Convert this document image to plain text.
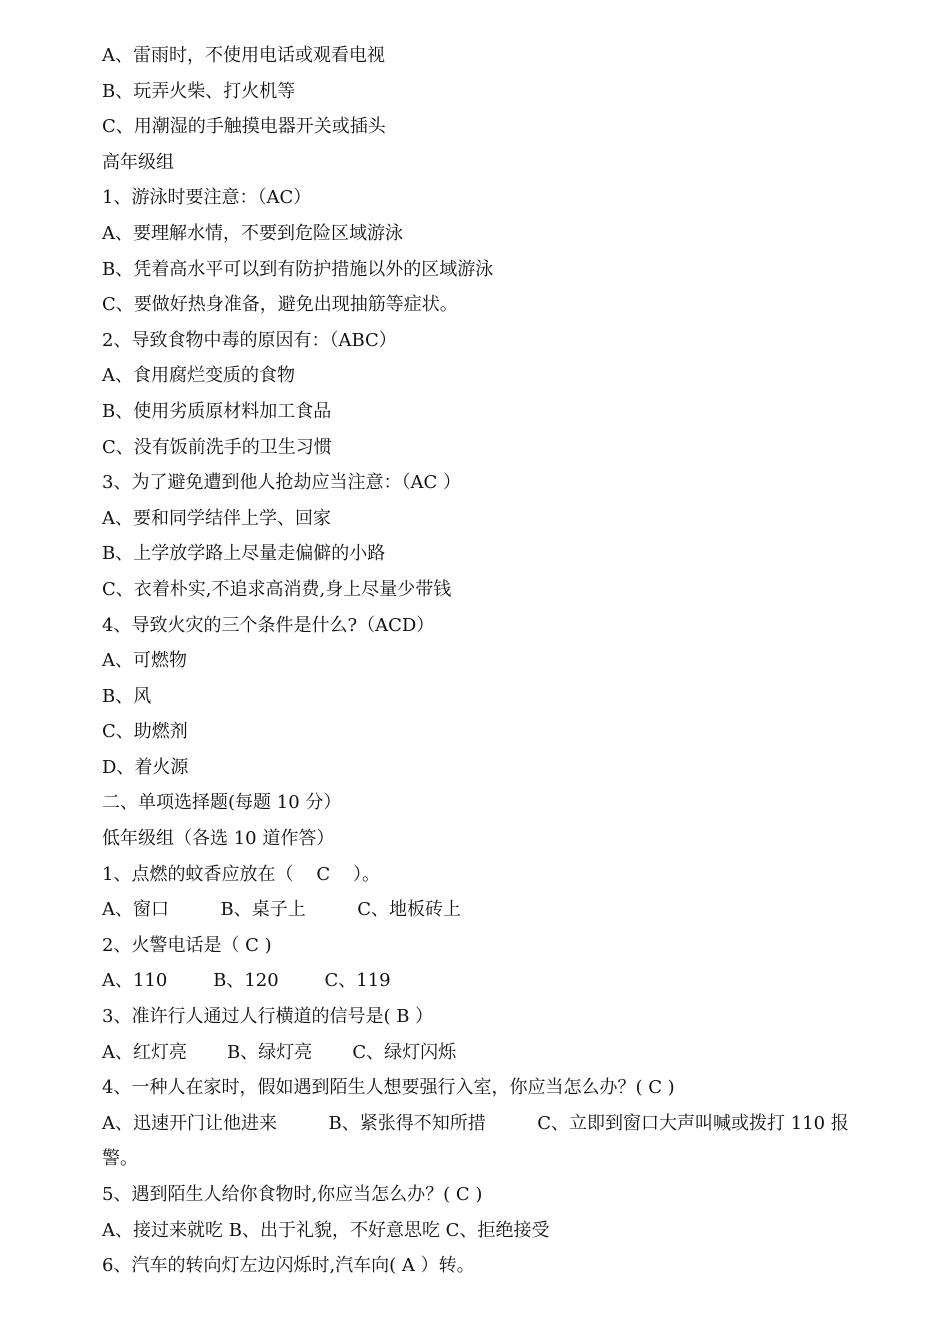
A、雷雨时，不使用电话或观看电视
B、玩弄火柴、打火机等
C、用潮湿的手触摸电器开关或插头
高年级组
1、游泳时要注意：（AC）
A、要理解水情，不要到危险区域游泳
B、凭着高水平可以到有防护措施以外的区域游泳
C、要做好热身准备，避免出现抽筋等症状。
2、导致食物中毒的原因有：（ABC）
A、食用腐烂变质的食物
B、使用劣质原材料加工食品
C、没有饭前洗手的卫生习惯
3、为了避免遭到他人抢劫应当注意：（AC ）
A、要和同学结伴上学、回家
B、上学放学路上尽量走偏僻的小路
C、衣着朴实,不追求高消费,身上尽量少带钱
4、导致火灾的三个条件是什么?（ACD）
A、可燃物
B、风
C、助燃剂
D、着火源
二、单项选择题(每题 10 分）
低年级组（各选 10 道作答）
1、点燃的蚊香应放在（    C    ）。
A、窗口         B、桌子上         C、地板砖上
2、火警电话是（ C )
A、110        B、120        C、119
3、准许行人通过人行横道的信号是( B ）
A、红灯亮       B、绿灯亮       C、绿灯闪烁
4、一种人在家时，假如遇到陌生人想要强行入室，你应当怎么办？( C )
A、迅速开门让他进来         B、紧张得不知所措         C、立即到窗口大声叫喊或拨打 110 报
警。
5、遇到陌生人给你食物时,你应当怎么办？( C )
A、接过来就吃 B、出于礼貌，不好意思吃 C、拒绝接受
6、汽车的转向灯左边闪烁时,汽车向( A ）转。
